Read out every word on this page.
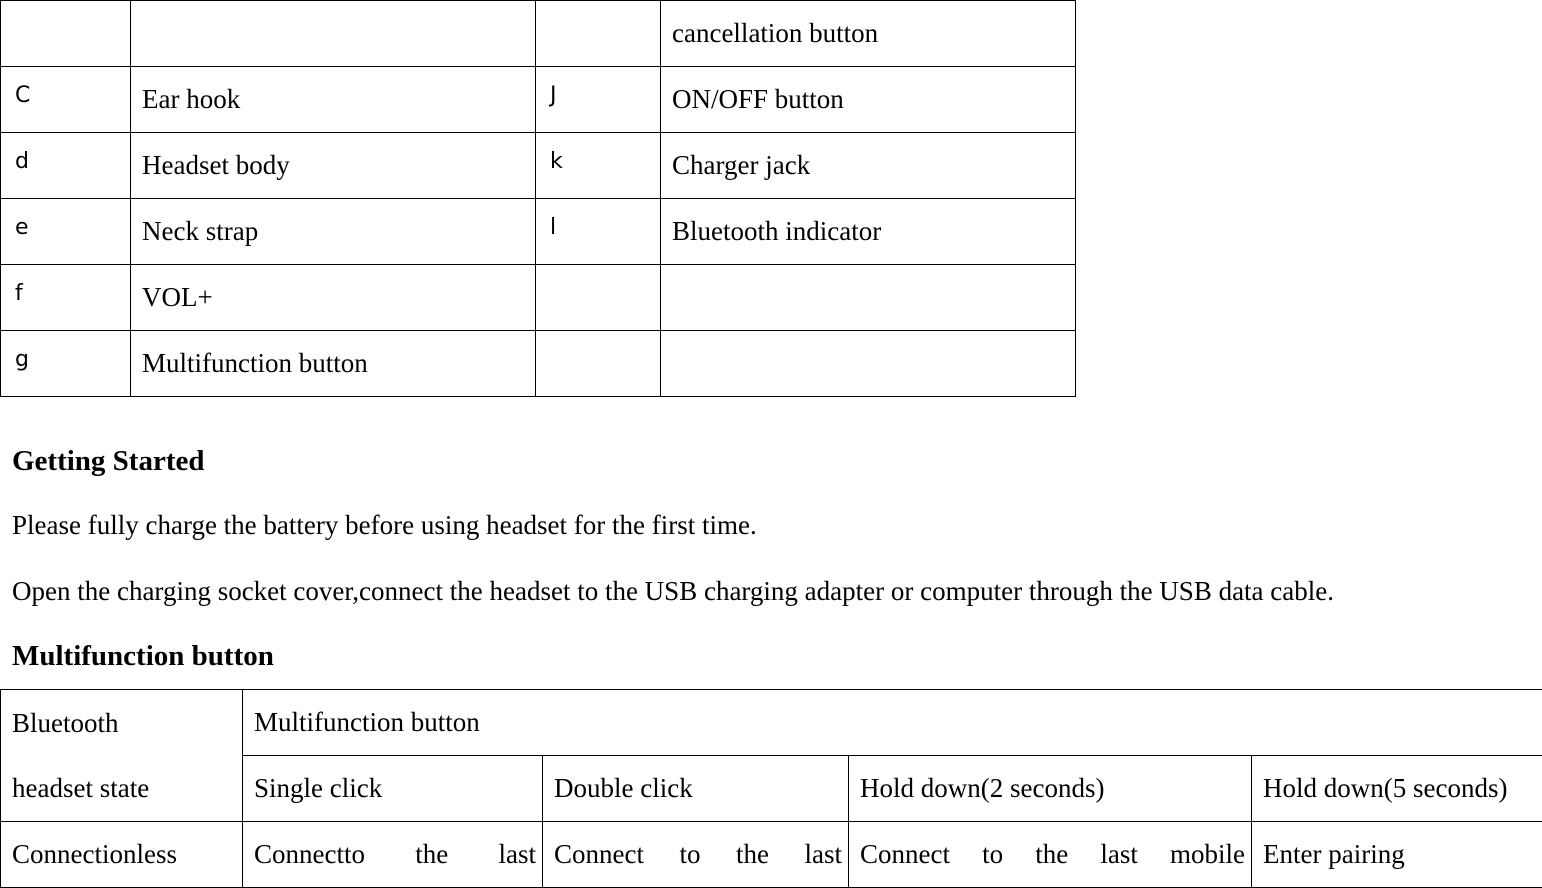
			cancellation button
C	Ear hook	J	ON/OFF button
d	Headset body	k	Charger jack
e	Neck strap	l	Bluetooth indicator
f	VOL+		
g	Multifunction button		
Getting Started
Please fully charge the battery before using headset for the first time.
Open the charging socket cover,connect the headset to the USB charging adapter or computer through the USB data cable.
Multifunction button
Bluetooth
headset state	Multifunction button			
	Single click	Double click	Hold down(2 seconds)	Hold down(5 seconds)
Connectionless	Connectto the last	Connect to the last	Connect to the last mobile	Enter pairing
